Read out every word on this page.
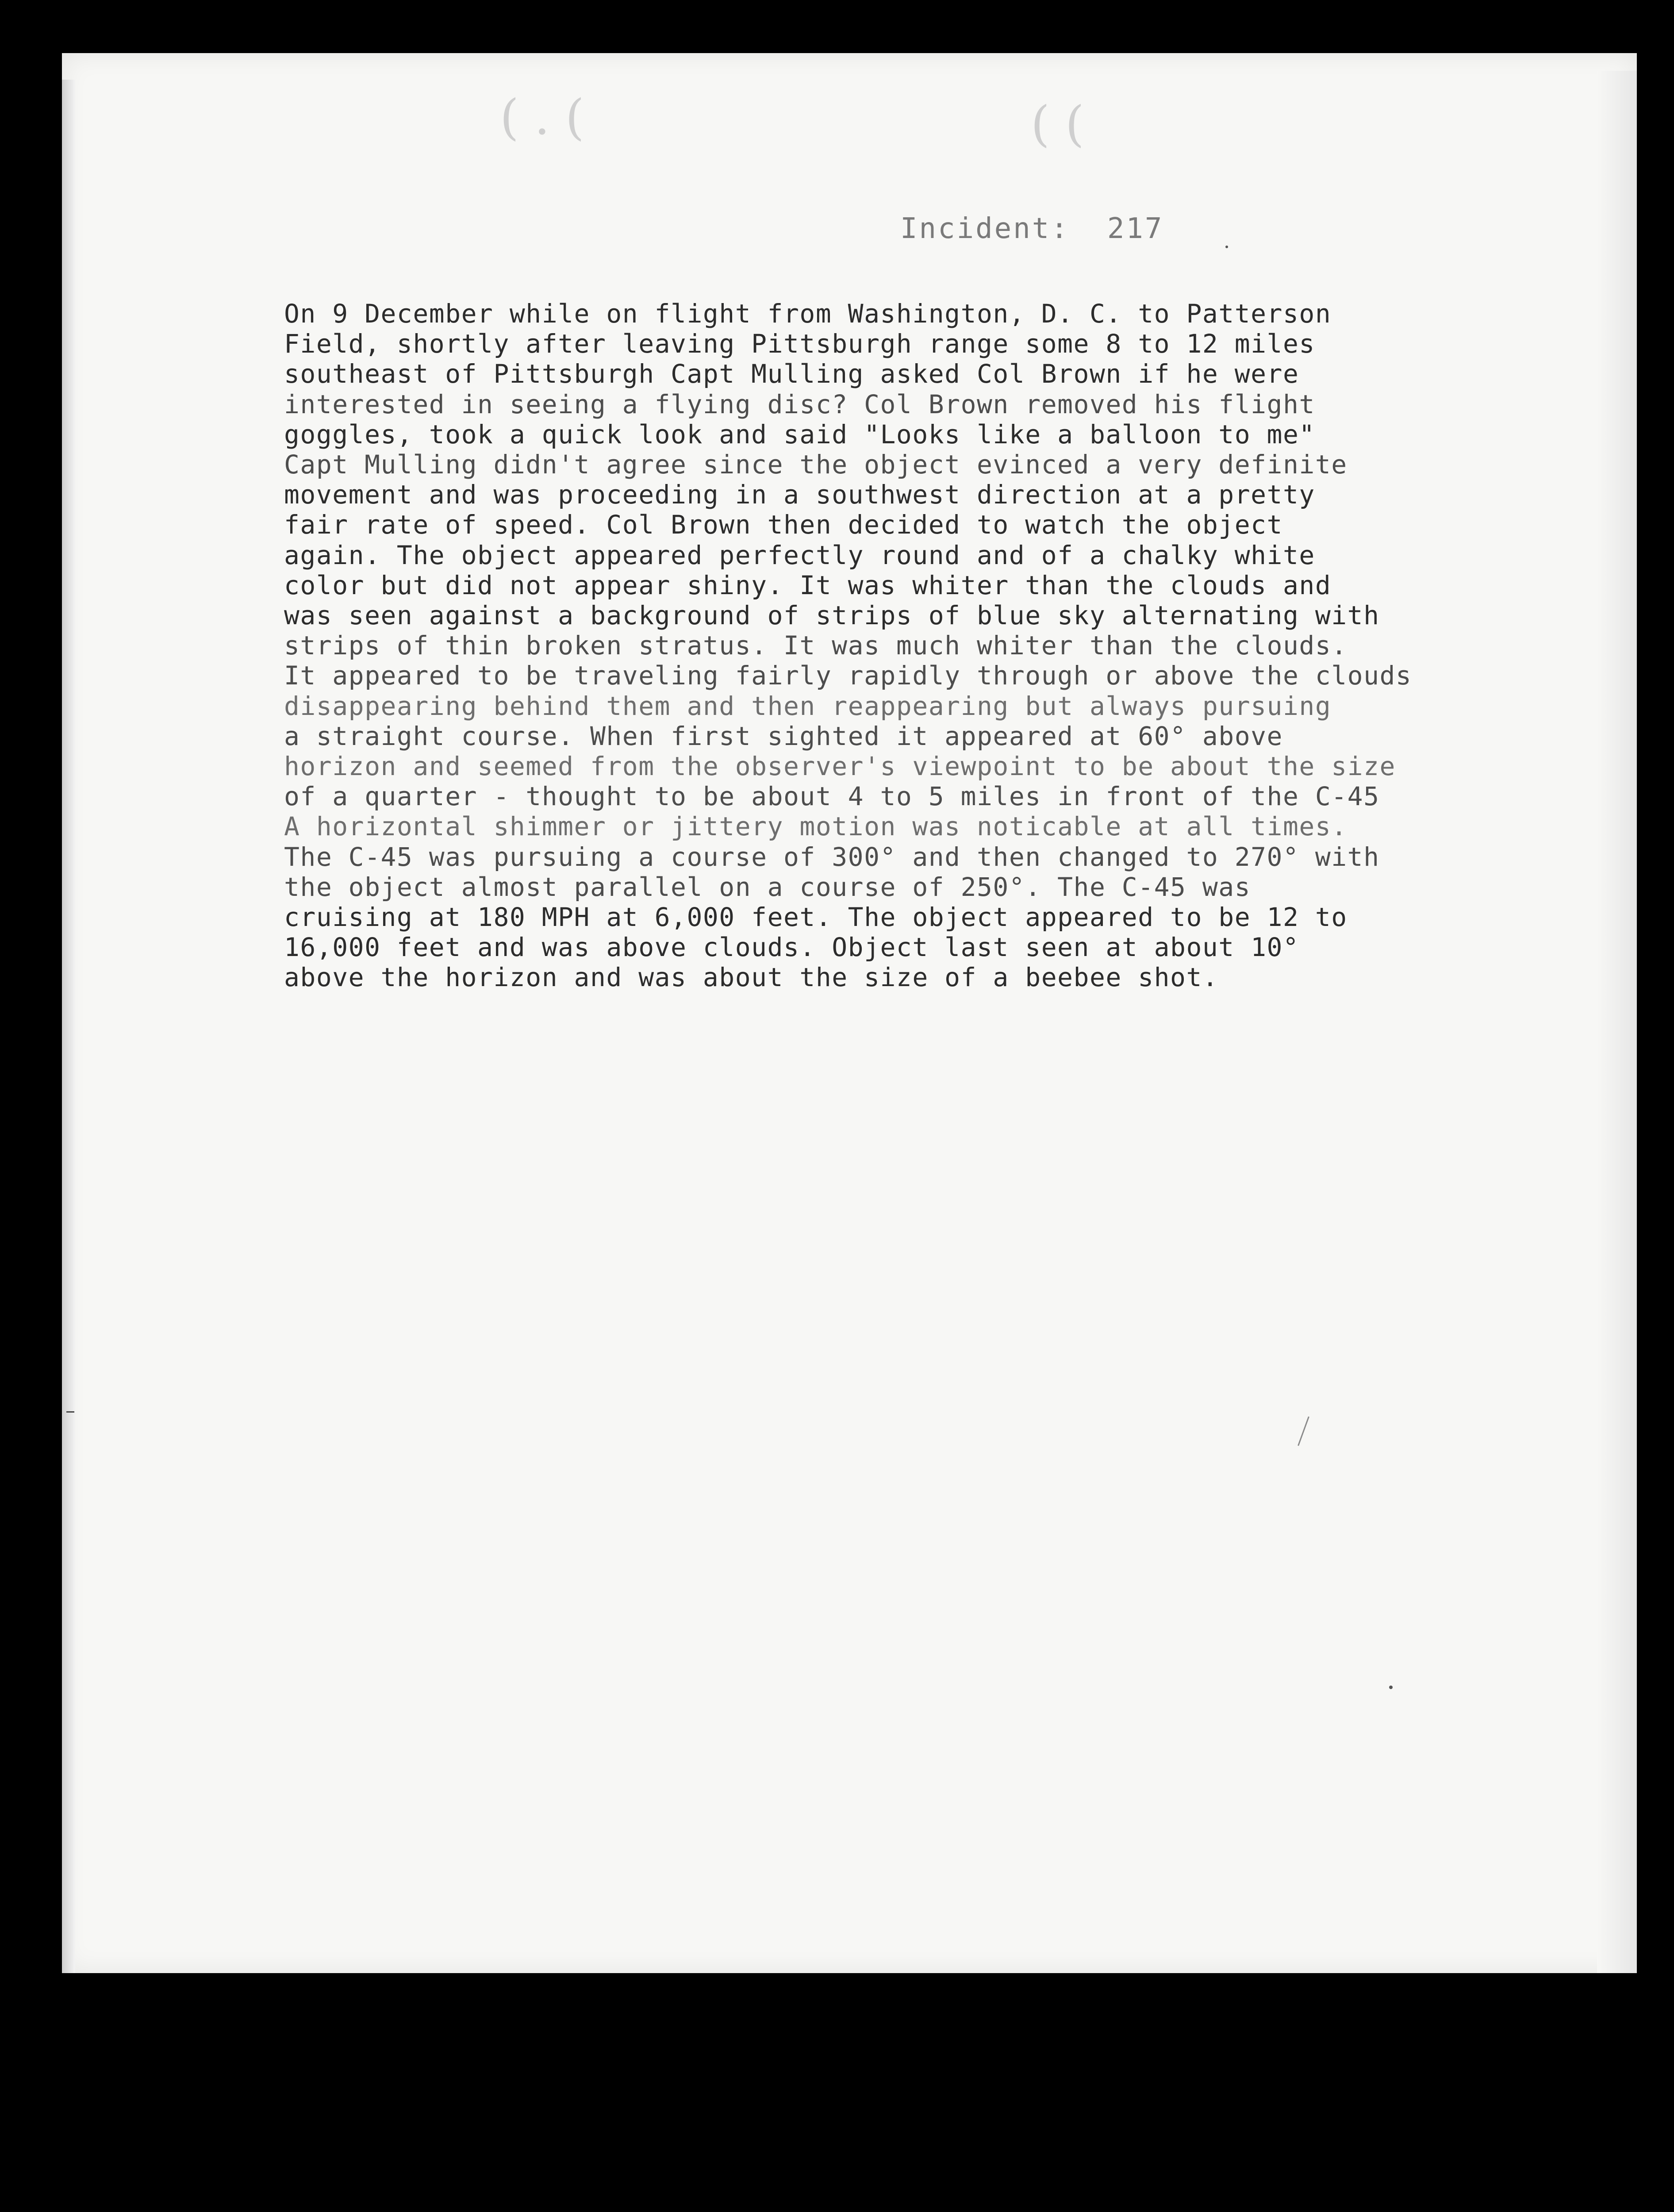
( . (	( (
Incident: 217
On 9 December while on flight from Washington, D. C. to Patterson
Field, shortly after leaving Pittsburgh range some 8 to 12 miles
southeast of Pittsburgh Capt Mulling asked Col Brown if he were
interested in seeing a flying disc? Col Brown removed his flight
goggles, took a quick look and said "Looks like a balloon to me"
Capt Mulling didn't agree since the object evinced a very definite
movement and was proceeding in a southwest direction at a pretty
fair rate of speed. Col Brown then decided to watch the object
again. The object appeared perfectly round and of a chalky white
color but did not appear shiny. It was whiter than the clouds and
was seen against a background of strips of blue sky alternating with
strips of thin broken stratus. It was much whiter than the clouds.
It appeared to be traveling fairly rapidly through or above the clouds
disappearing behind them and then reappearing but always pursuing
a straight course. When first sighted it appeared at 60° above
horizon and seemed from the observer's viewpoint to be about the size
of a quarter - thought to be about 4 to 5 miles in front of the C-45
A horizontal shimmer or jittery motion was noticable at all times.
The C-45 was pursuing a course of 300° and then changed to 270° with
the object almost parallel on a course of 250°. The C-45 was
cruising at 180 MPH at 6,000 feet. The object appeared to be 12 to
16,000 feet and was above clouds. Object last seen at about 10°
above the horizon and was about the size of a beebee shot.
